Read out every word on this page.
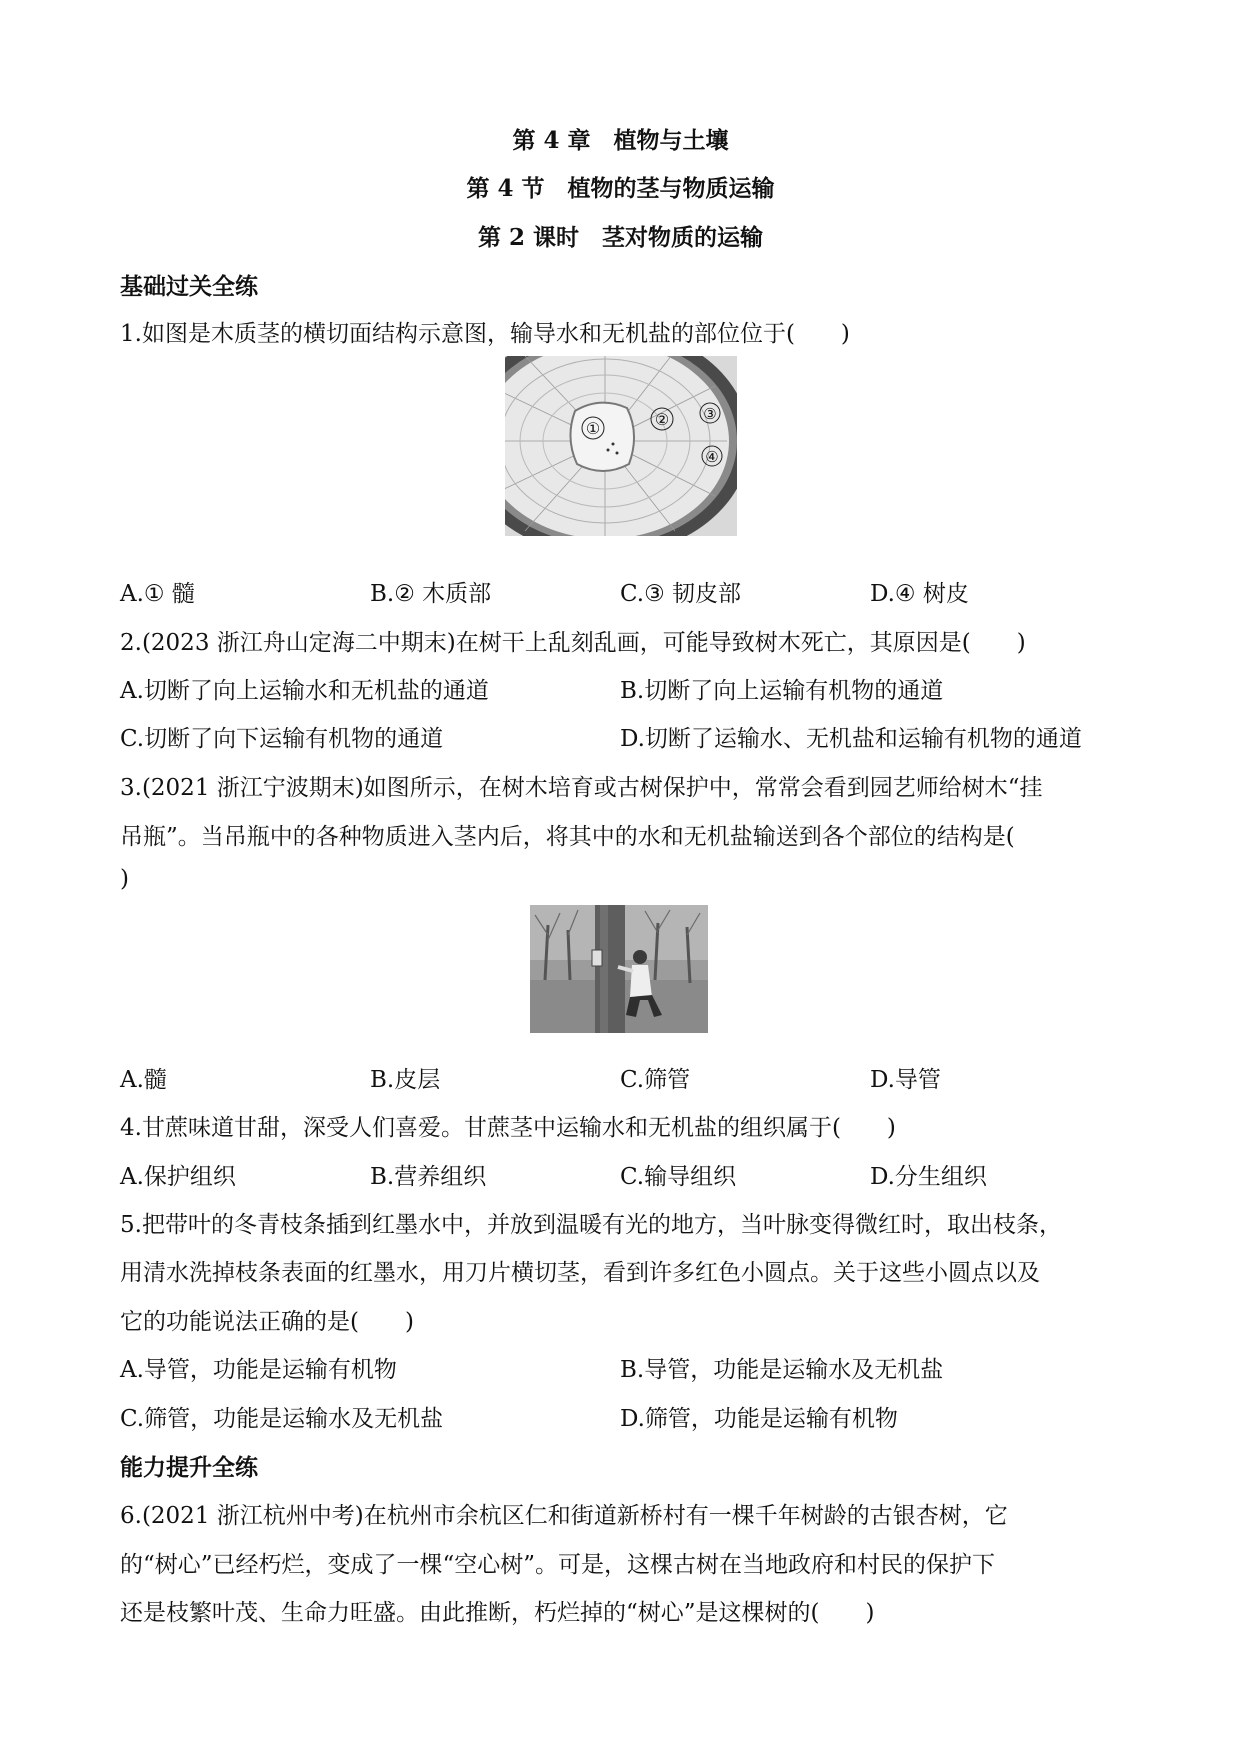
第 4 章　植物与土壤
第 4 节　植物的茎与物质运输
第 2 课时　茎对物质的运输
基础过关全练
1.如图是木质茎的横切面结构示意图，输导水和无机盐的部位位于(　　)
①	② ③
④
A.① 髓	B.② 木质部	C.③ 韧皮部	D.④ 树皮
2.(2023 浙江舟山定海二中期末)在树干上乱刻乱画，可能导致树木死亡，其原因是(　　)
A.切断了向上运输水和无机盐的通道	B.切断了向上运输有机物的通道
C.切断了向下运输有机物的通道	D.切断了运输水、无机盐和运输有机物的通道
3.(2021 浙江宁波期末)如图所示，在树木培育或古树保护中，常常会看到园艺师给树木“挂
吊瓶”。当吊瓶中的各种物质进入茎内后，将其中的水和无机盐输送到各个部位的结构是(
)
A.髓	B.皮层	C.筛管	D.导管
4.甘蔗味道甘甜，深受人们喜爱。甘蔗茎中运输水和无机盐的组织属于(　　)
A.保护组织	B.营养组织	C.输导组织	D.分生组织
5.把带叶的冬青枝条插到红墨水中，并放到温暖有光的地方，当叶脉变得微红时，取出枝条，
用清水洗掉枝条表面的红墨水，用刀片横切茎，看到许多红色小圆点。关于这些小圆点以及
它的功能说法正确的是(　　)
A.导管，功能是运输有机物	B.导管，功能是运输水及无机盐
C.筛管，功能是运输水及无机盐	D.筛管，功能是运输有机物
能力提升全练
6.(2021 浙江杭州中考)在杭州市余杭区仁和街道新桥村有一棵千年树龄的古银杏树，它
的“树心”已经朽烂，变成了一棵“空心树”。可是，这棵古树在当地政府和村民的保护下
还是枝繁叶茂、生命力旺盛。由此推断，朽烂掉的“树心”是这棵树的(　　)
